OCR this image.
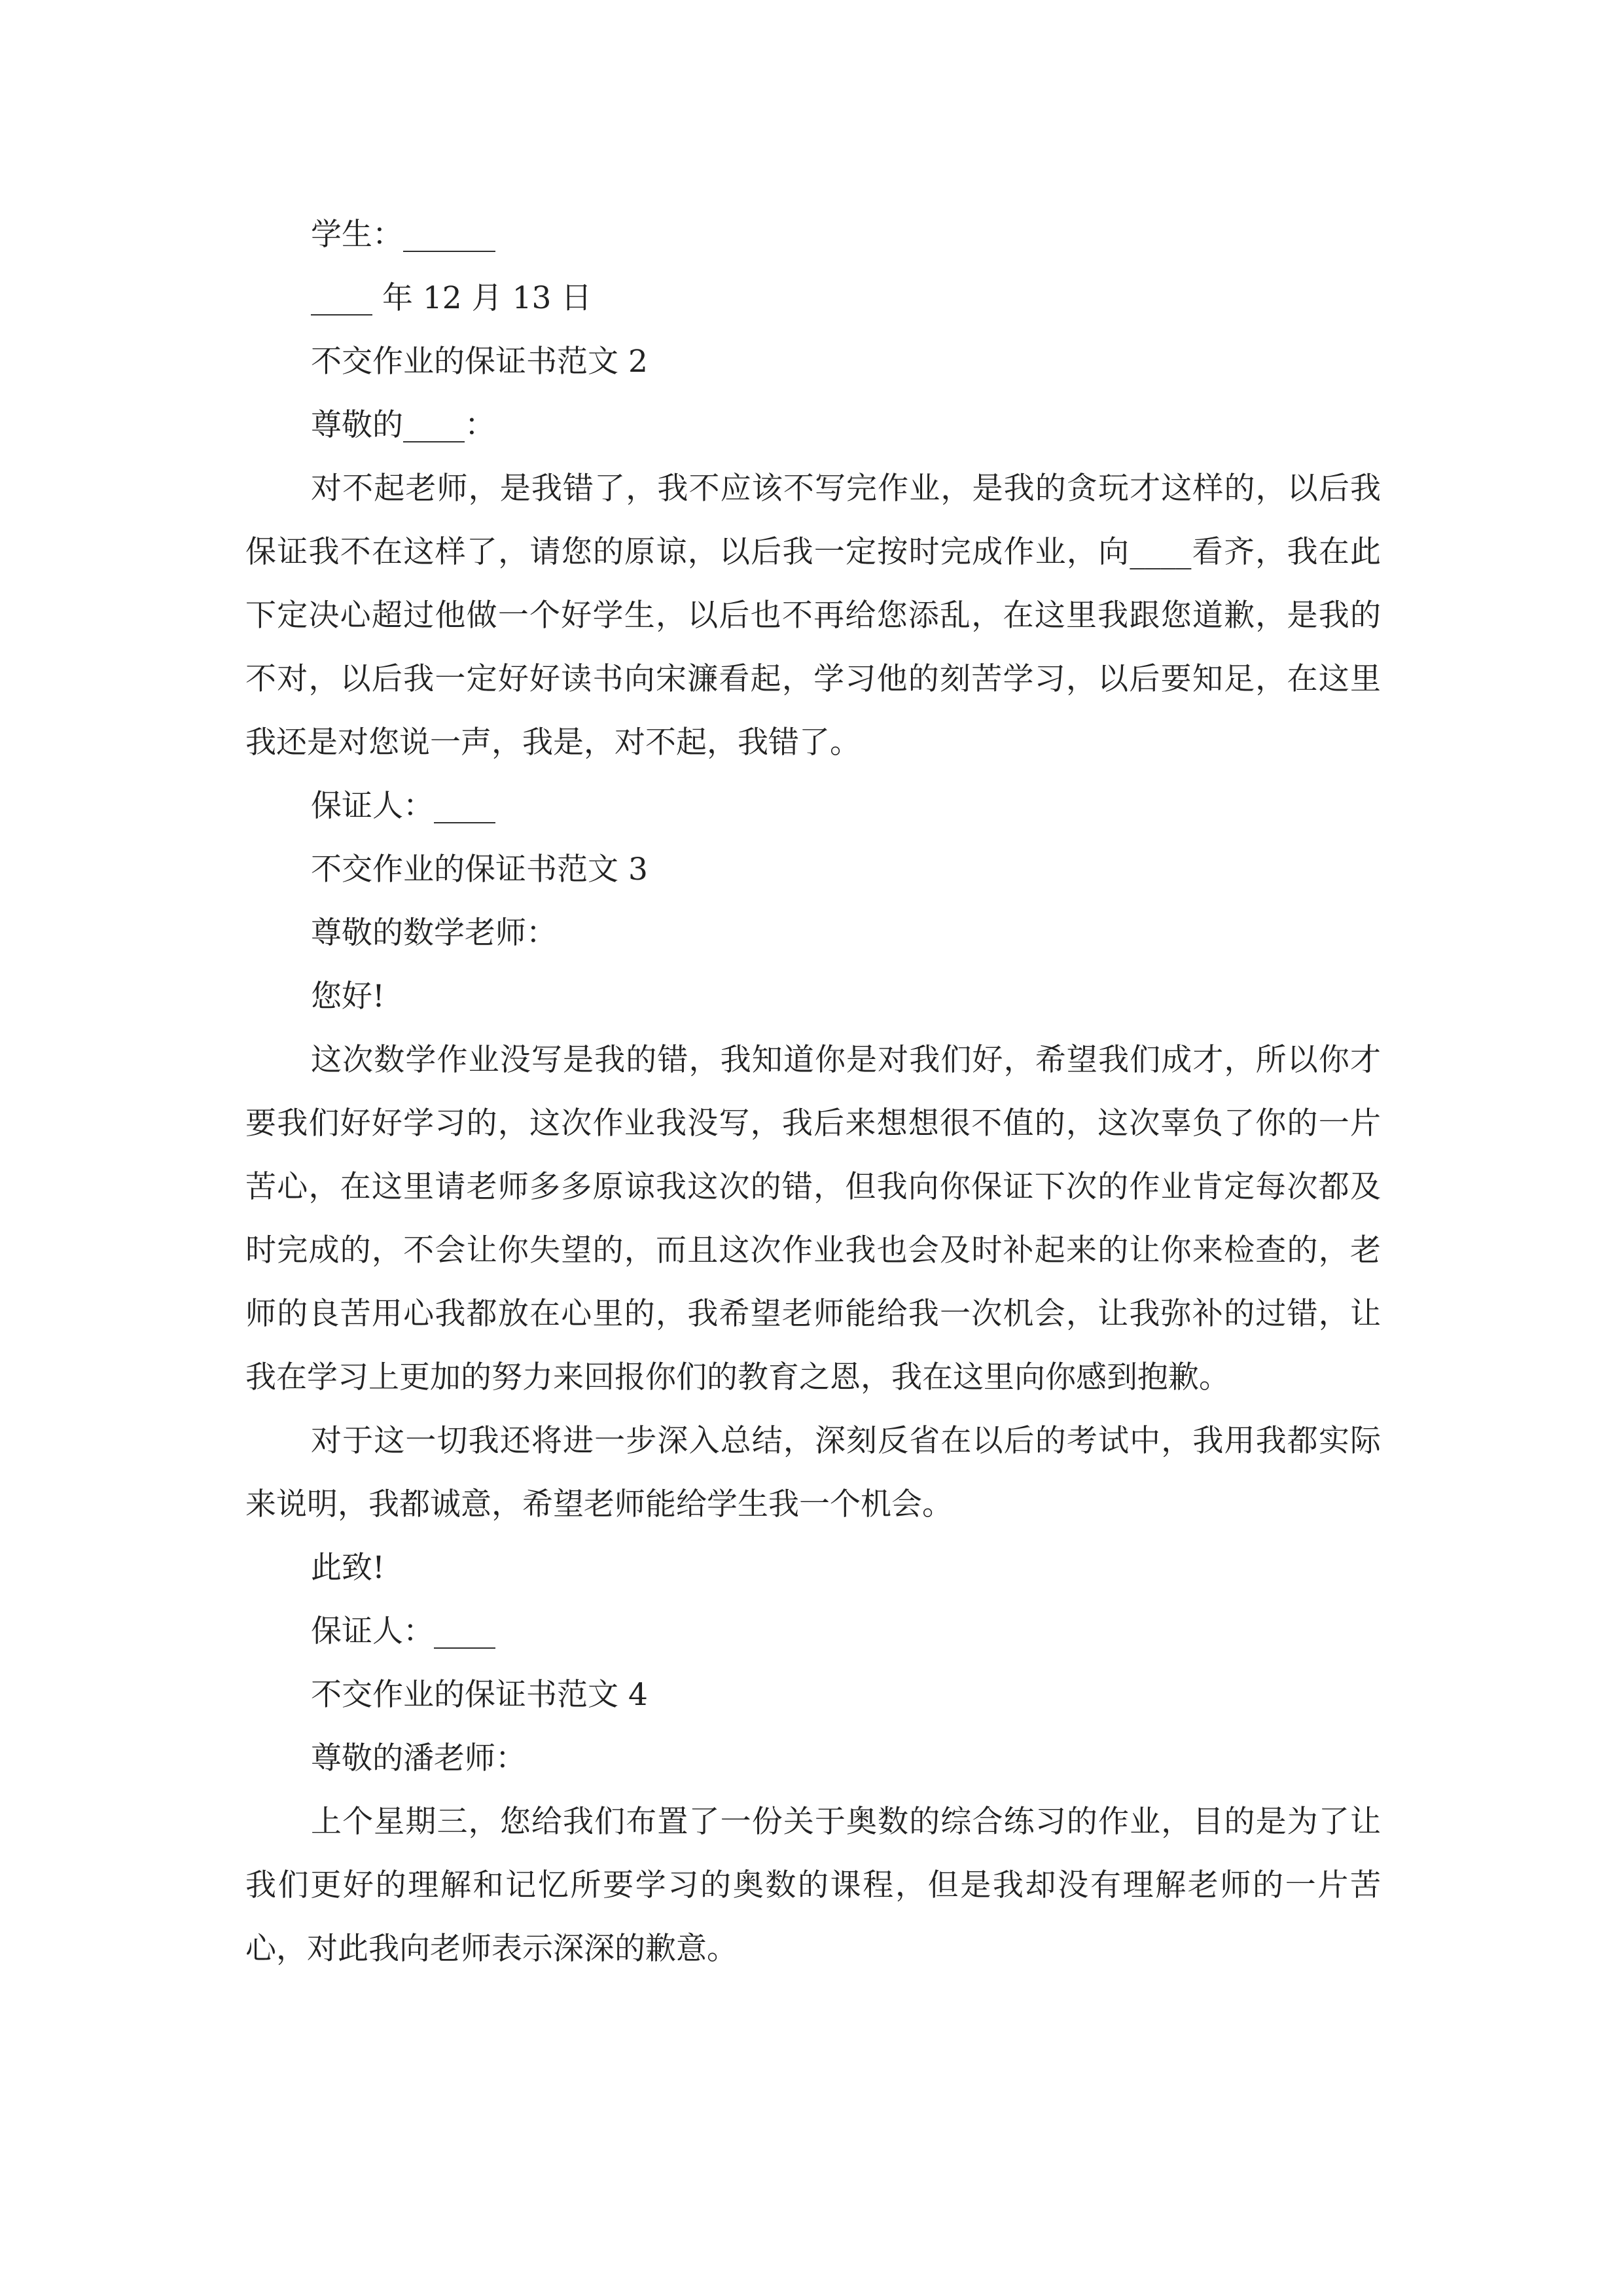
学生：______

____ 年 12 月 13 日

不交作业的保证书范文 2

尊敬的____：

对不起老师，是我错了，我不应该不写完作业，是我的贪玩才这样的，以后我保证我不在这样了，请您的原谅，以后我一定按时完成作业，向____看齐，我在此下定决心超过他做一个好学生，以后也不再给您添乱，在这里我跟您道歉，是我的不对，以后我一定好好读书向宋濂看起，学习他的刻苦学习，以后要知足，在这里我还是对您说一声，我是，对不起，我错了。

保证人：____

不交作业的保证书范文 3

尊敬的数学老师：

您好!

这次数学作业没写是我的错，我知道你是对我们好，希望我们成才，所以你才要我们好好学习的，这次作业我没写，我后来想想很不值的，这次辜负了你的一片苦心，在这里请老师多多原谅我这次的错，但我向你保证下次的作业肯定每次都及时完成的，不会让你失望的，而且这次作业我也会及时补起来的让你来检查的，老师的良苦用心我都放在心里的，我希望老师能给我一次机会，让我弥补的过错，让我在学习上更加的努力来回报你们的教育之恩，我在这里向你感到抱歉。

对于这一切我还将进一步深入总结，深刻反省在以后的考试中，我用我都实际来说明，我都诚意，希望老师能给学生我一个机会。

此致!

保证人：____

不交作业的保证书范文 4

尊敬的潘老师：

上个星期三，您给我们布置了一份关于奥数的综合练习的作业，目的是为了让我们更好的理解和记忆所要学习的奥数的课程，但是我却没有理解老师的一片苦心，对此我向老师表示深深的歉意。
